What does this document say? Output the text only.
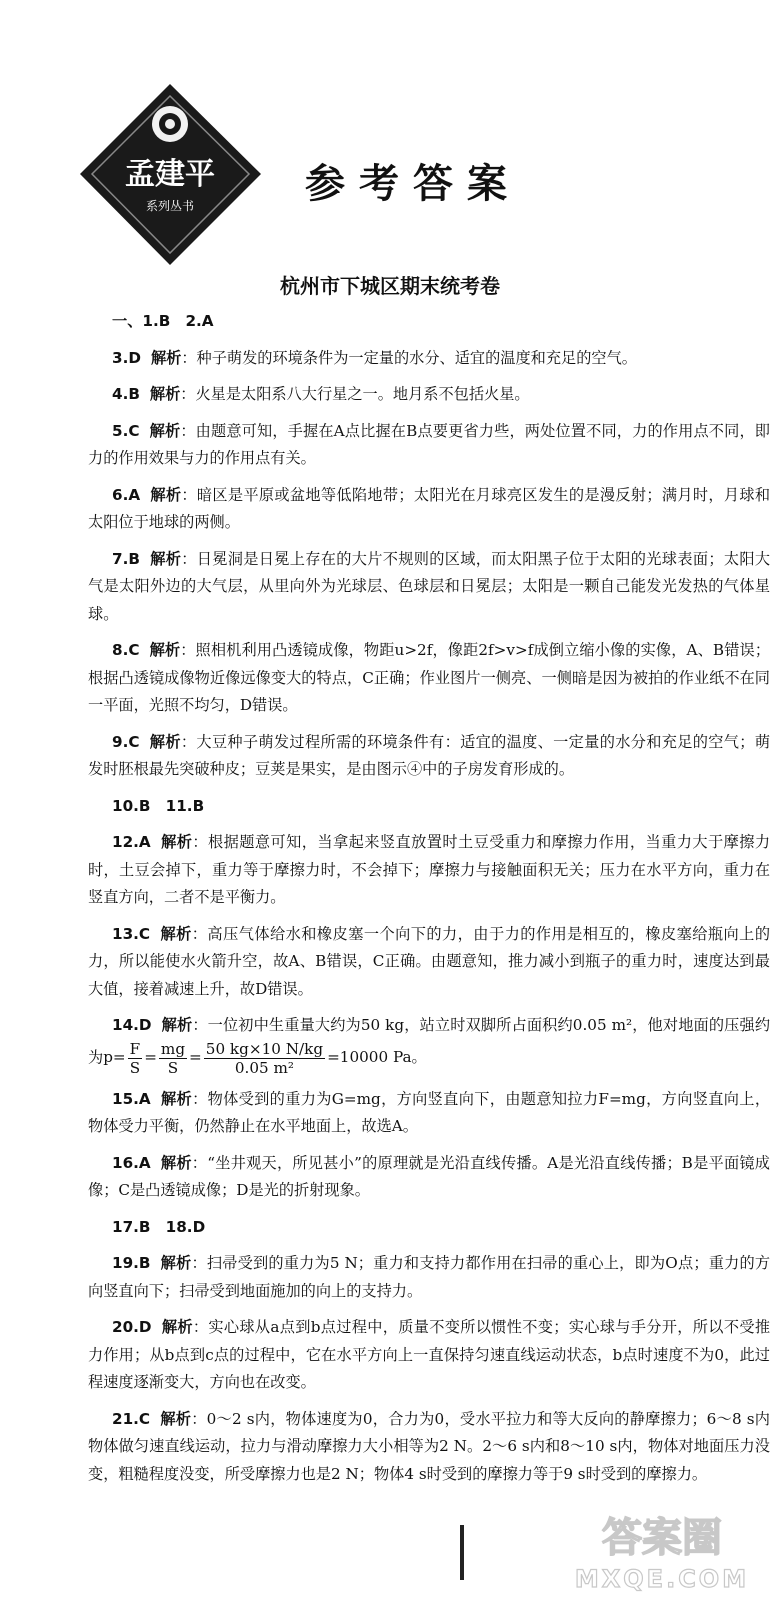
孟建平
系列丛书	参考答案
杭州市下城区期末统考卷

一、1.B　2.A

3.D 解析：种子萌发的环境条件为一定量的水分、适宜的温度和充足的空气。

4.B 解析：火星是太阳系八大行星之一。地月系不包括火星。

5.C 解析：由题意可知，手握在A点比握在B点要更省力些，两处位置不同，力的作用点不同，即力的作用效果与力的作用点有关。

6.A 解析：暗区是平原或盆地等低陷地带；太阳光在月球亮区发生的是漫反射；满月时，月球和太阳位于地球的两侧。

7.B 解析：日冕洞是日冕上存在的大片不规则的区域，而太阳黑子位于太阳的光球表面；太阳大气是太阳外边的大气层，从里向外为光球层、色球层和日冕层；太阳是一颗自己能发光发热的气体星球。

8.C 解析：照相机利用凸透镜成像，物距u>2f，像距2f>v>f成倒立缩小像的实像，A、B错误；根据凸透镜成像物近像远像变大的特点，C正确；作业图片一侧亮、一侧暗是因为被拍的作业纸不在同一平面，光照不均匀，D错误。

9.C 解析：大豆种子萌发过程所需的环境条件有：适宜的温度、一定量的水分和充足的空气；萌发时胚根最先突破种皮；豆荚是果实，是由图示④中的子房发育形成的。

10.B　11.B

12.A 解析：根据题意可知，当拿起来竖直放置时土豆受重力和摩擦力作用，当重力大于摩擦力时，土豆会掉下，重力等于摩擦力时，不会掉下；摩擦力与接触面积无关；压力在水平方向，重力在竖直方向，二者不是平衡力。

13.C 解析：高压气体给水和橡皮塞一个向下的力，由于力的作用是相互的，橡皮塞给瓶向上的力，所以能使水火箭升空，故A、B错误，C正确。由题意知，推力减小到瓶子的重力时，速度达到最大值，接着减速上升，故D错误。

14.D 解析：一位初中生重量大约为50 kg，站立时双脚所占面积约0.05 m²，他对地面的压强约为$p= \frac{F}{S} = \frac{mg}{S} = \frac{50 kg\times 10 N/kg}{\text{0.05 m²}} =10000$ Pa。

15.A 解析：物体受到的重力为G=mg，方向竖直向下，由题意知拉力F=mg，方向竖直向上，物体受力平衡，仍然静止在水平地面上，故选A。

16.A 解析：“坐井观天，所见甚小”的原理就是光沿直线传播。A是光沿直线传播；B是平面镜成像；C是凸透镜成像；D是光的折射现象。

17.B　18.D

19.B 解析：扫帚受到的重力为5 N；重力和支持力都作用在扫帚的重心上，即为O点；重力的方向竖直向下；扫帚受到地面施加的向上的支持力。

20.D 解析：实心球从a点到b点过程中，质量不变所以惯性不变；实心球与手分开，所以不受推力作用；从b点到c点的过程中，它在水平方向上一直保持匀速直线运动状态，b点时速度不为0，此过程速度逐渐变大，方向也在改变。

21.C 解析：0～2 s内，物体速度为0，合力为0，受水平拉力和等大反向的静摩擦力；6～8 s内物体做匀速直线运动，拉力与滑动摩擦力大小相等为2 N。2～6 s内和8～10 s内，物体对地面压力没变，粗糙程度没变，所受摩擦力也是2 N；物体4 s时受到的摩擦力等于9 s时受到的摩擦力。

答案圈
MXQE.COM
